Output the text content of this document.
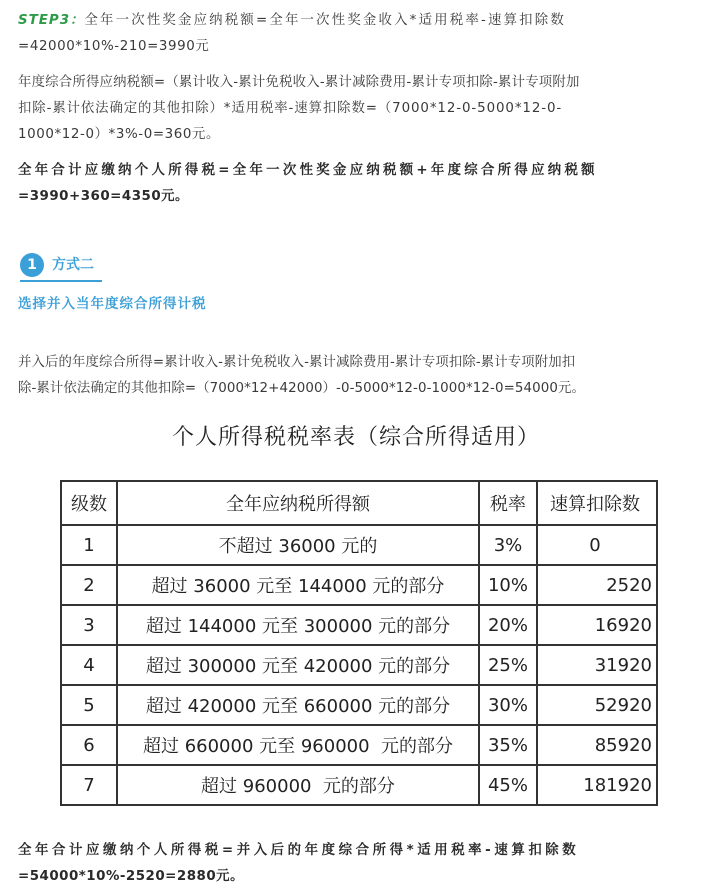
STEP3：全年一次性奖金应纳税额=全年一次性奖金收入*适用税率-速算扣除数
=42000*10%-210=3990元
年度综合所得应纳税额=（累计收入-累计免税收入-累计减除费用-累计专项扣除-累计专项附加
扣除-累计依法确定的其他扣除）*适用税率-速算扣除数=（7000*12-0-5000*12-0-
1000*12-0）*3%-0=360元。
全年合计应缴纳个人所得税=全年一次性奖金应纳税额+年度综合所得应纳税额
=3990+360=4350元。
1	方式二
选择并入当年度综合所得计税
并入后的年度综合所得=累计收入-累计免税收入-累计减除费用-累计专项扣除-累计专项附加扣
除-累计依法确定的其他扣除=（7000*12+42000）-0-5000*12-0-1000*12-0=54000元。
个人所得税税率表（综合所得适用）
级数	全年应纳税所得额	税率	速算扣除数
1	不超过 36000 元的	3%	0
2	超过 36000 元至 144000 元的部分	10%	2520
3	超过 144000 元至 300000 元的部分	20%	16920
4	超过 300000 元至 420000 元的部分	25%	31920
5	超过 420000 元至 660000 元的部分	30%	52920
6	超过 660000 元至 960000  元的部分	35%	85920
7	超过 960000  元的部分	45%	181920
全年合计应缴纳个人所得税=并入后的年度综合所得*适用税率-速算扣除数
=54000*10%-2520=2880元。
